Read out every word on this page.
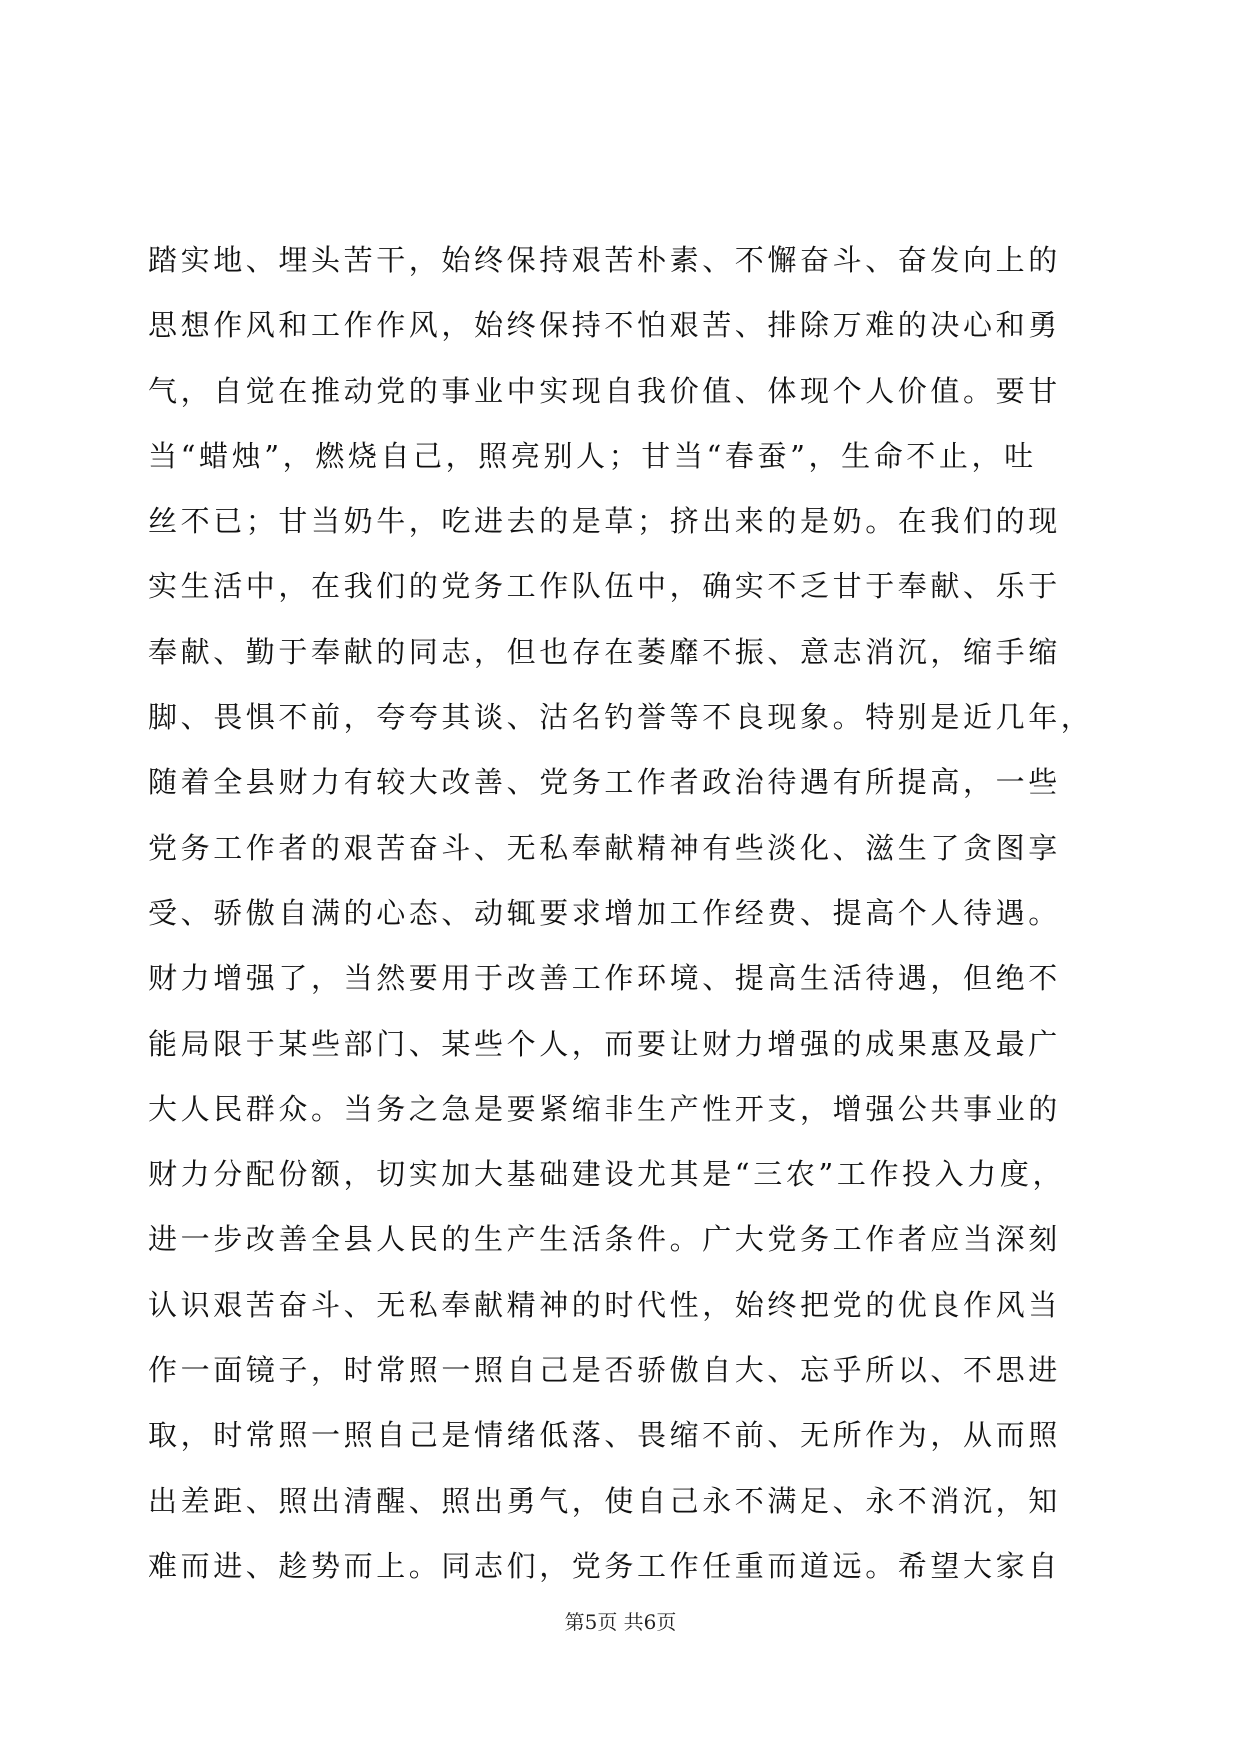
踏实地、埋头苦干，始终保持艰苦朴素、不懈奋斗、奋发向上的
思想作风和工作作风，始终保持不怕艰苦、排除万难的决心和勇
气，自觉在推动党的事业中实现自我价值、体现个人价值。要甘
当“蜡烛”，燃烧自己，照亮别人；甘当“春蚕”，生命不止，吐
丝不已；甘当奶牛，吃进去的是草；挤出来的是奶。在我们的现
实生活中，在我们的党务工作队伍中，确实不乏甘于奉献、乐于
奉献、勤于奉献的同志，但也存在萎靡不振、意志消沉，缩手缩
脚、畏惧不前，夸夸其谈、沽名钓誉等不良现象。特别是近几年，
随着全县财力有较大改善、党务工作者政治待遇有所提高，一些
党务工作者的艰苦奋斗、无私奉献精神有些淡化、滋生了贪图享
受、骄傲自满的心态、动辄要求增加工作经费、提高个人待遇。
财力增强了，当然要用于改善工作环境、提高生活待遇，但绝不
能局限于某些部门、某些个人，而要让财力增强的成果惠及最广
大人民群众。当务之急是要紧缩非生产性开支，增强公共事业的
财力分配份额，切实加大基础建设尤其是“三农”工作投入力度，
进一步改善全县人民的生产生活条件。广大党务工作者应当深刻
认识艰苦奋斗、无私奉献精神的时代性，始终把党的优良作风当
作一面镜子，时常照一照自己是否骄傲自大、忘乎所以、不思进
取，时常照一照自己是情绪低落、畏缩不前、无所作为，从而照
出差距、照出清醒、照出勇气，使自己永不满足、永不消沉，知
难而进、趁势而上。同志们，党务工作任重而道远。希望大家自
第5页 共6页
